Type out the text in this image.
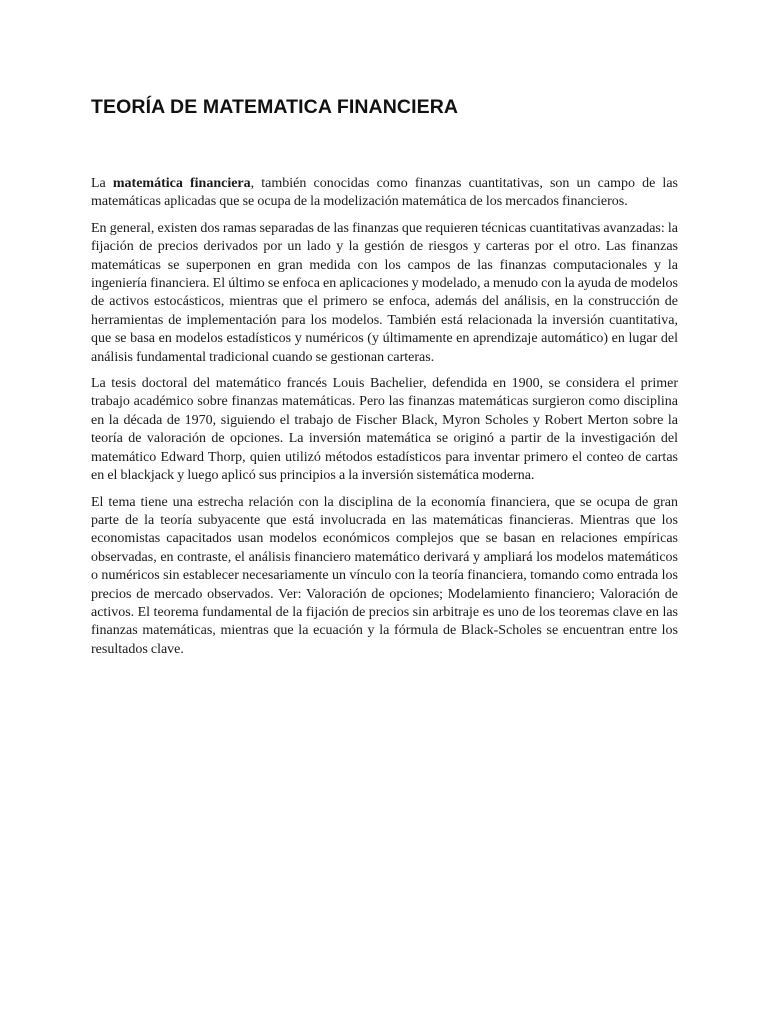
TEORÍA DE MATEMATICA FINANCIERA

La matemática financiera, también conocidas como finanzas cuantitativas, son un campo de las matemáticas aplicadas que se ocupa de la modelización matemática de los mercados financieros.

En general, existen dos ramas separadas de las finanzas que requieren técnicas cuantitativas avanzadas: la fijación de precios derivados por un lado y la gestión de riesgos y carteras por el otro. Las finanzas matemáticas se superponen en gran medida con los campos de las finanzas computacionales y la ingeniería financiera. El último se enfoca en aplicaciones y modelado, a menudo con la ayuda de modelos de activos estocásticos, mientras que el primero se enfoca, además del análisis, en la construcción de herramientas de implementación para los modelos. También está relacionada la inversión cuantitativa, que se basa en modelos estadísticos y numéricos (y últimamente en aprendizaje automático) en lugar del análisis fundamental tradicional cuando se gestionan carteras.

La tesis doctoral del matemático francés Louis Bachelier, defendida en 1900, se considera el primer trabajo académico sobre finanzas matemáticas. Pero las finanzas matemáticas surgieron como disciplina en la década de 1970, siguiendo el trabajo de Fischer Black, Myron Scholes y Robert Merton sobre la teoría de valoración de opciones. La inversión matemática se originó a partir de la investigación del matemático Edward Thorp, quien utilizó métodos estadísticos para inventar primero el conteo de cartas en el blackjack y luego aplicó sus principios a la inversión sistemática moderna.

El tema tiene una estrecha relación con la disciplina de la economía financiera, que se ocupa de gran parte de la teoría subyacente que está involucrada en las matemáticas financieras. Mientras que los economistas capacitados usan modelos económicos complejos que se basan en relaciones empíricas observadas, en contraste, el análisis financiero matemático derivará y ampliará los modelos matemáticos o numéricos sin establecer necesariamente un vínculo con la teoría financiera, tomando como entrada los precios de mercado observados. Ver: Valoración de opciones; Modelamiento financiero; Valoración de activos. El teorema fundamental de la fijación de precios sin arbitraje es uno de los teoremas clave en las finanzas matemáticas, mientras que la ecuación y la fórmula de Black-Scholes se encuentran entre los resultados clave.
